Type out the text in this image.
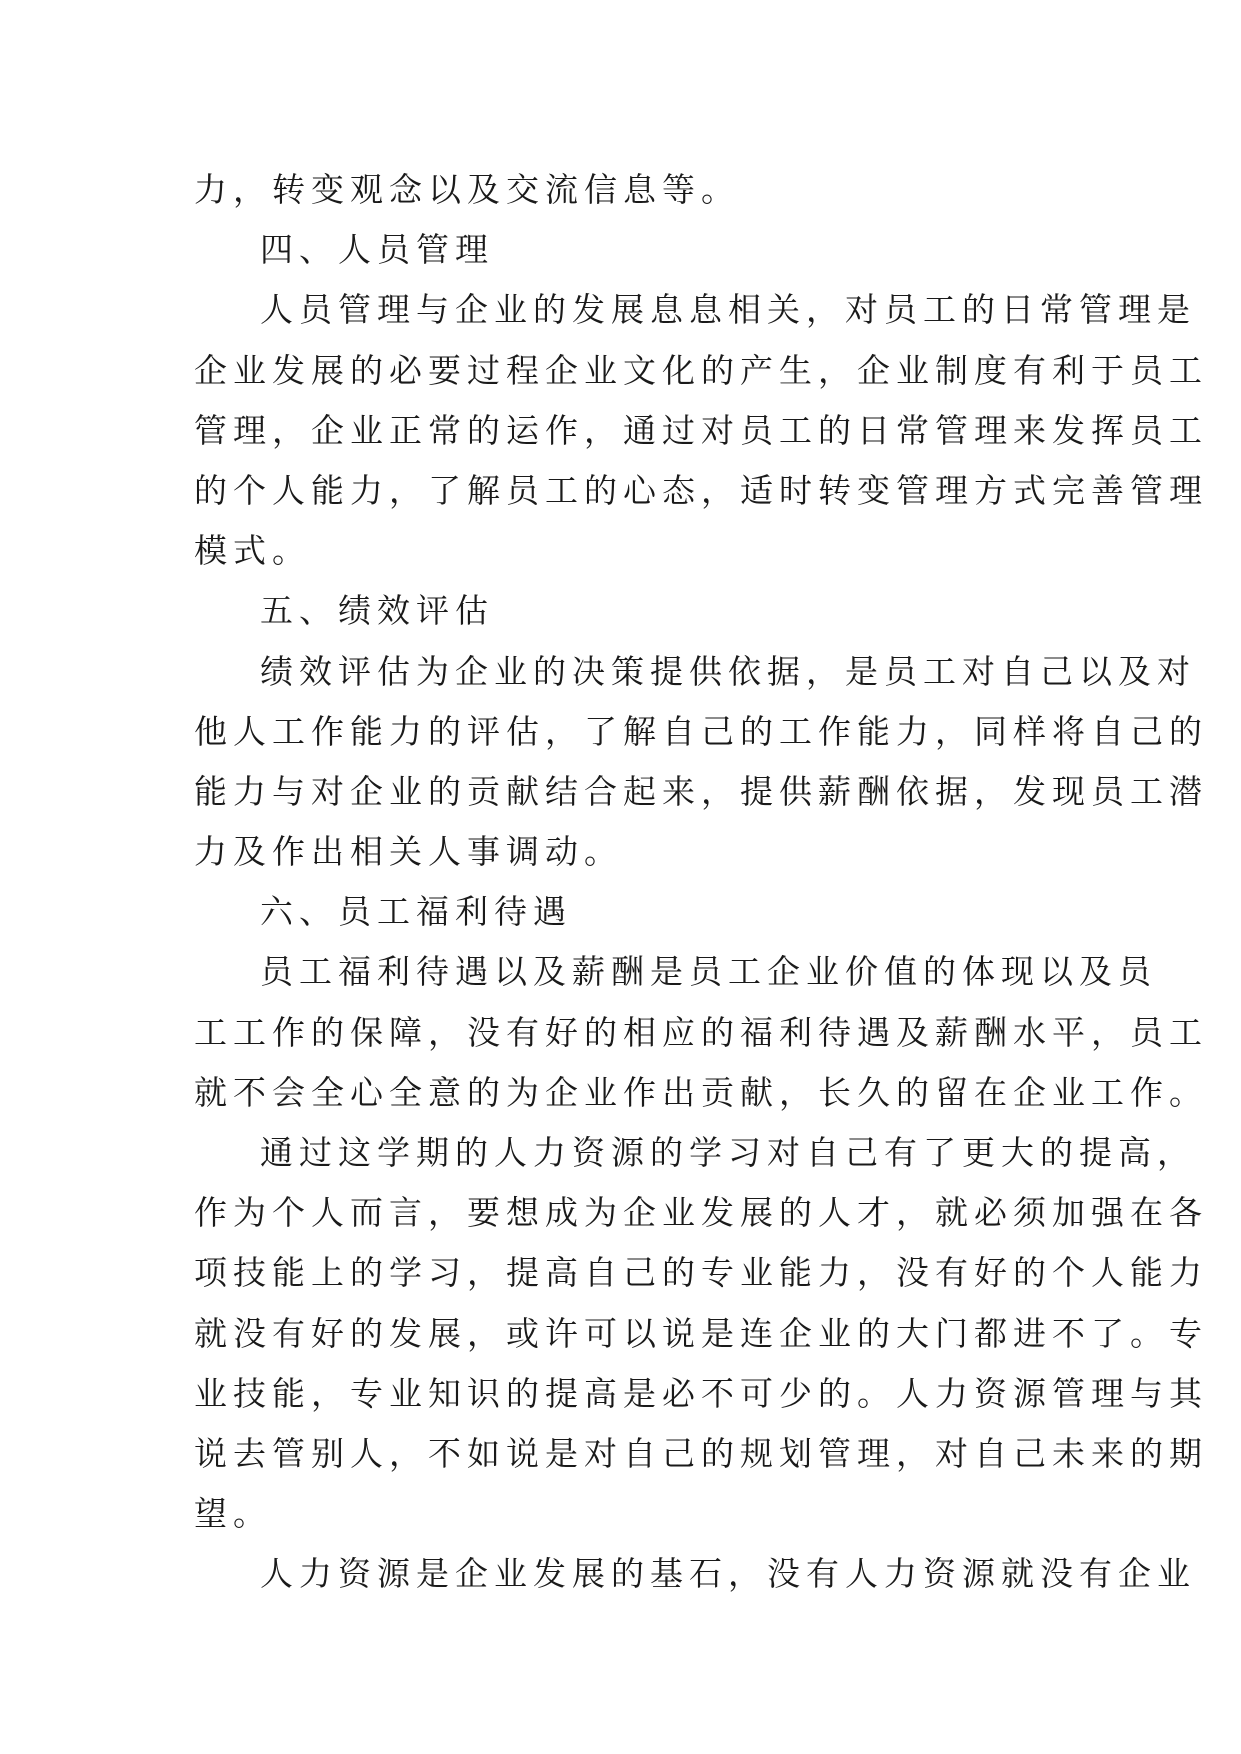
力，转变观念以及交流信息等。
四、人员管理
人员管理与企业的发展息息相关，对员工的日常管理是
企业发展的必要过程企业文化的产生，企业制度有利于员工
管理，企业正常的运作，通过对员工的日常管理来发挥员工
的个人能力，了解员工的心态，适时转变管理方式完善管理
模式。
五、绩效评估
绩效评估为企业的决策提供依据，是员工对自己以及对
他人工作能力的评估，了解自己的工作能力，同样将自己的
能力与对企业的贡献结合起来，提供薪酬依据，发现员工潜
力及作出相关人事调动。
六、员工福利待遇
员工福利待遇以及薪酬是员工企业价值的体现以及员
工工作的保障，没有好的相应的福利待遇及薪酬水平，员工
就不会全心全意的为企业作出贡献，长久的留在企业工作。
通过这学期的人力资源的学习对自己有了更大的提高，
作为个人而言，要想成为企业发展的人才，就必须加强在各
项技能上的学习，提高自己的专业能力，没有好的个人能力
就没有好的发展，或许可以说是连企业的大门都进不了。专
业技能，专业知识的提高是必不可少的。人力资源管理与其
说去管别人，不如说是对自己的规划管理，对自己未来的期
望。
人力资源是企业发展的基石，没有人力资源就没有企业
